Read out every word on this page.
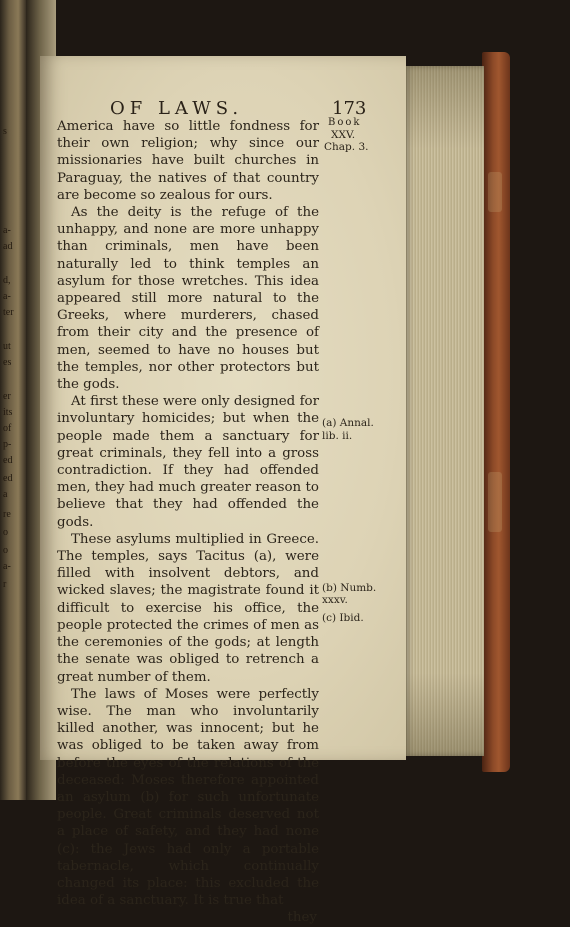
s
a-
ad
d,
a-
ter
ut
es
er
its
of
p-
ed
ed
a
re
o
o
a-
r
OF LAWS.	173
Book
XXV.
Chap. 3.

America have so little fondness for their own religion; why since our missionaries have built churches in Paraguay, the natives of that country are become so zealous for ours.

As the deity is the refuge of the unhappy, and none are more unhappy than criminals, men have been naturally led to think temples an asylum for those wretches. This idea appeared still more natural to the Greeks, where murderers, chased from their city and the presence of men, seemed to have no houses but the temples, nor other protectors but the gods.

At first these were only designed for involuntary homicides; but when the people made them a sanctuary for great criminals, they fell into a gross contradiction. If they had offended men, they had much greater reason to believe that they had offended the gods.

These asylums multiplied in Greece. The temples, says Tacitus (a), were filled with insolvent debtors, and wicked slaves; the magistrate found it difficult to exercise his office, the people protected the crimes of men as the ceremonies of the gods; at length the senate was obliged to retrench a great number of them.

The laws of Moses were perfectly wise. The man who involuntarily killed another, was innocent; but he was obliged to be taken away from before the eyes of the relations of the deceased: Moses therefore appointed an asylum (b) for such unfortunate people. Great criminals deserved not a place of safety, and they had none (c): the Jews had only a portable tabernacle, which continually changed its place: this excluded the idea of a sanctuary. It is true that

they
(a) Annal.
lib. ii.
(b) Numb.
xxxv.
(c) Ibid.
